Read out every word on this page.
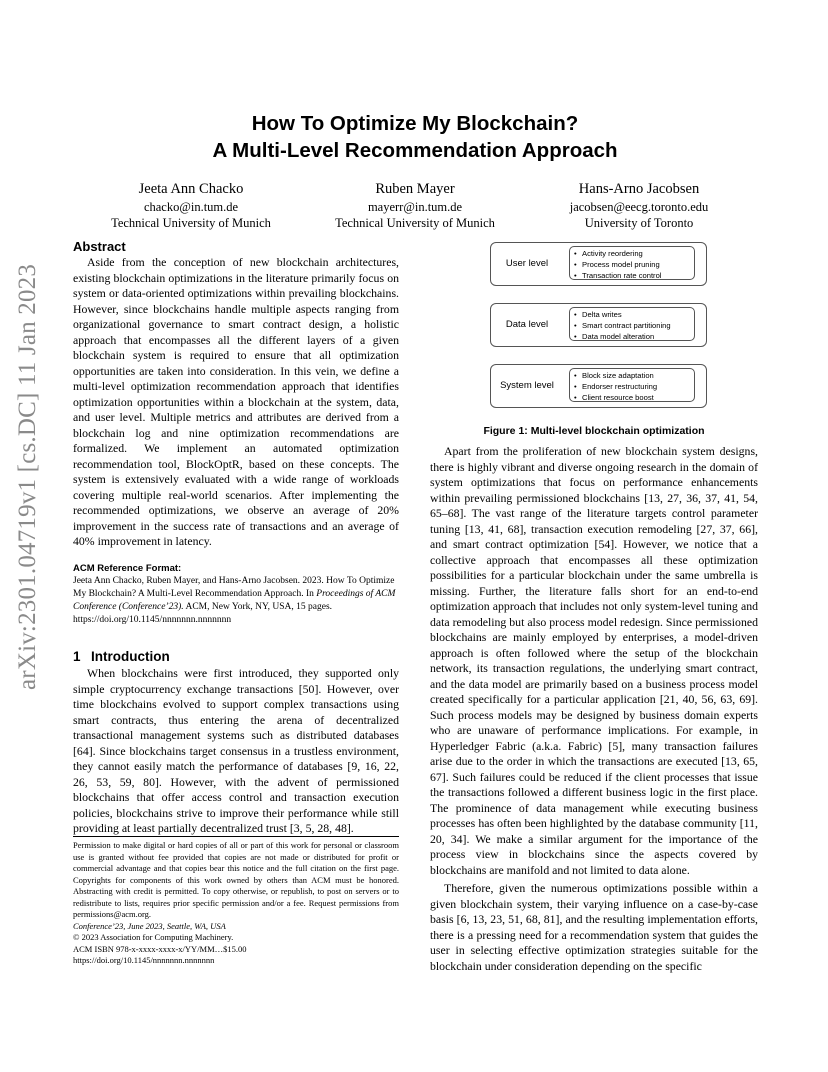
arXiv:2301.04719v1 [cs.DC] 11 Jan 2023
How To Optimize My Blockchain?
A Multi-Level Recommendation Approach
Jeeta Ann Chacko
chacko@in.tum.de
Technical University of Munich
Ruben Mayer
mayerr@in.tum.de
Technical University of Munich
Hans-Arno Jacobsen
jacobsen@eecg.toronto.edu
University of Toronto
Abstract

Aside from the conception of new blockchain architectures, existing blockchain optimizations in the literature primarily focus on system or data-oriented optimizations within prevailing blockchains. However, since blockchains handle multiple aspects ranging from organizational governance to smart contract design, a holistic approach that encompasses all the different layers of a given blockchain system is required to ensure that all optimization opportunities are taken into consideration. In this vein, we define a multi-level optimization recommendation approach that identifies optimization opportunities within a blockchain at the system, data, and user level. Multiple metrics and attributes are derived from a blockchain log and nine optimization recommendations are formalized. We implement an automated optimization recommendation tool, BlockOptR, based on these concepts. The system is extensively evaluated with a wide range of workloads covering multiple real-world scenarios. After implementing the recommended optimizations, we observe an average of 20% improvement in the success rate of transactions and an average of 40% improvement in latency.

ACM Reference Format:

Jeeta Ann Chacko, Ruben Mayer, and Hans-Arno Jacobsen. 2023. How To Optimize My Blockchain? A Multi-Level Recommendation Approach. In Proceedings of ACM Conference (Conference’23). ACM, New York, NY, USA, 15 pages. https://doi.org/10.1145/nnnnnnn.nnnnnnn

1 Introduction

When blockchains were first introduced, they supported only simple cryptocurrency exchange transactions [50]. However, over time blockchains evolved to support complex transactions using smart contracts, thus entering the arena of decentralized transactional management systems such as distributed databases [64]. Since blockchains target consensus in a trustless environment, they cannot easily match the performance of databases [9, 16, 22, 26, 53, 59, 80]. However, with the advent of permissioned blockchains that offer access control and transaction execution policies, blockchains strive to improve their performance while still providing at least partially decentralized trust [3, 5, 28, 48].

Permission to make digital or hard copies of all or part of this work for personal or classroom use is granted without fee provided that copies are not made or distributed for profit or commercial advantage and that copies bear this notice and the full citation on the first page. Copyrights for components of this work owned by others than ACM must be honored. Abstracting with credit is permitted. To copy otherwise, or republish, to post on servers or to redistribute to lists, requires prior specific permission and/or a fee. Request permissions from permissions@acm.org.

Conference’23, June 2023, Seattle, WA, USA

© 2023 Association for Computing Machinery.

ACM ISBN 978-x-xxxx-xxxx-x/YY/MM…$15.00

https://doi.org/10.1145/nnnnnnn.nnnnnnn

User level
• Activity reordering
• Process model pruning
• Transaction rate control
Data level
• Delta writes
• Smart contract partitioning
• Data model alteration
System level
• Block size adaptation
• Endorser restructuring
• Client resource boost

Figure 1: Multi-level blockchain optimization

Apart from the proliferation of new blockchain system designs, there is highly vibrant and diverse ongoing research in the domain of system optimizations that focus on performance enhancements within prevailing permissioned blockchains [13, 27, 36, 37, 41, 54, 65–68]. The vast range of the literature targets control parameter tuning [13, 41, 68], transaction execution remodeling [27, 37, 66], and smart contract optimization [54]. However, we notice that a collective approach that encompasses all these optimization possibilities for a particular blockchain under the same umbrella is missing. Further, the literature falls short for an end-to-end optimization approach that includes not only system-level tuning and data remodeling but also process model redesign. Since permissioned blockchains are mainly employed by enterprises, a model-driven approach is often followed where the setup of the blockchain network, its transaction regulations, the underlying smart contract, and the data model are primarily based on a business process model created specifically for a particular application [21, 40, 56, 63, 69]. Such process models may be designed by business domain experts who are unaware of performance implications. For example, in Hyperledger Fabric (a.k.a. Fabric) [5], many transaction failures arise due to the order in which the transactions are executed [13, 65, 67]. Such failures could be reduced if the client processes that issue the transactions followed a different business logic in the first place. The prominence of data management while executing business processes has often been highlighted by the database community [11, 20, 34]. We make a similar argument for the importance of the process view in blockchains since the aspects covered by blockchains are manifold and not limited to data alone.

Therefore, given the numerous optimizations possible within a given blockchain system, their varying influence on a case-by-case basis [6, 13, 23, 51, 68, 81], and the resulting implementation efforts, there is a pressing need for a recommendation system that guides the user in selecting effective optimization strategies suitable for the blockchain under consideration depending on the specific
